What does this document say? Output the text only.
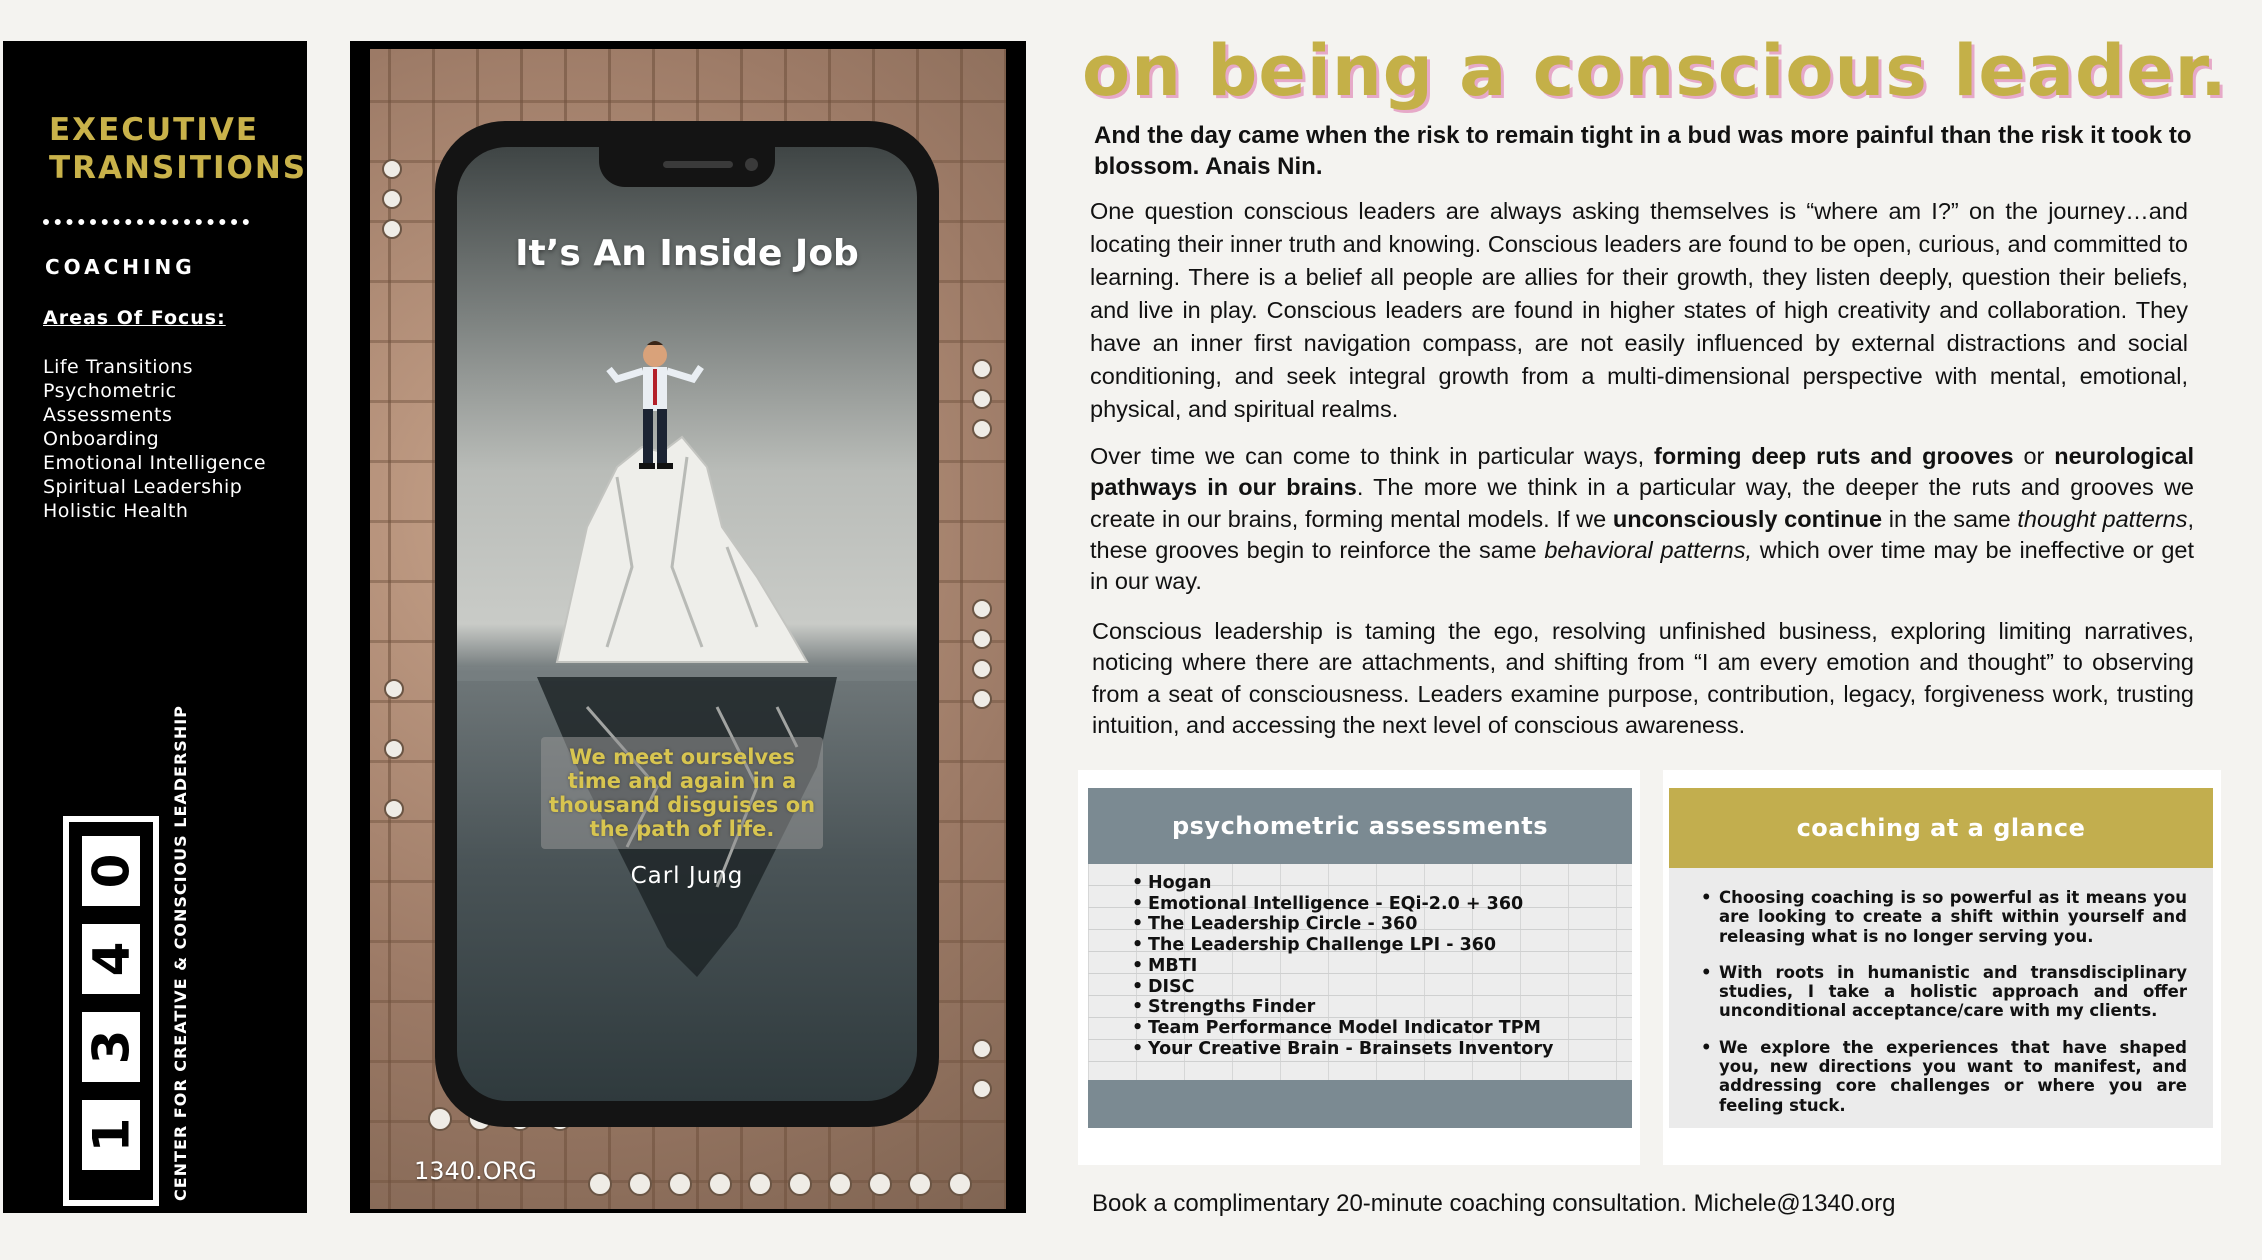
EXECUTIVE
TRANSITIONS
COACHING
Areas Of Focus:
Life Transitions
Psychometric Assessments
Onboarding
Emotional Intelligence
Spiritual Leadership
Holistic Health
0
4
3
1 CENTER FOR CREATIVE & CONSCIOUS LEADERSHIP
It’s An Inside Job
We meet ourselves time and again in a thousand disguises on the path of life.
Carl Jung
1340.ORG
on being a conscious leader.

And the day came when the risk to remain tight in a bud was more painful than the risk it took to blossom. Anais Nin.

One question conscious leaders are always asking themselves is “where am I?” on the journey…and locating their inner truth and knowing. Conscious leaders are found to be open, curious, and committed to learning. There is a belief all people are allies for their growth, they listen deeply, question their beliefs, and live in play. Conscious leaders are found in higher states of high creativity and collaboration. They have an inner first navigation compass, are not easily influenced by external distractions and social conditioning, and seek integral growth from a multi-dimensional perspective with mental, emotional, physical, and spiritual realms.

Over time we can come to think in particular ways, forming deep ruts and grooves or neurological pathways in our brains. The more we think in a particular way, the deeper the ruts and grooves we create in our brains, forming mental models. If we unconsciously continue in the same thought patterns, these grooves begin to reinforce the same behavioral patterns, which over time may be ineffective or get in our way.

Conscious leadership is taming the ego, resolving unfinished business, exploring limiting narratives, noticing where there are attachments, and shifting from “I am every emotion and thought” to observing from a seat of consciousness. Leaders examine purpose, contribution, legacy, forgiveness work, trusting intuition, and accessing the next level of conscious awareness.

psychometric assessments
• Hogan
• Emotional Intelligence - EQi-2.0 + 360
• The Leadership Circle - 360
• The Leadership Challenge LPI - 360
• MBTI
• DISC
• Strengths Finder
• Team Performance Model Indicator TPM
• Your Creative Brain - Brainsets Inventory
coaching at a glance
• Choosing coaching is so powerful as it means you are looking to create a shift within yourself and releasing what is no longer serving you.
• With roots in humanistic and transdisciplinary studies, I take a holistic approach and offer unconditional acceptance/care with my clients.
• We explore the experiences that have shaped you, new directions you want to manifest, and addressing core challenges or where you are feeling stuck.

Book a complimentary 20-minute coaching consultation. Michele@1340.org
